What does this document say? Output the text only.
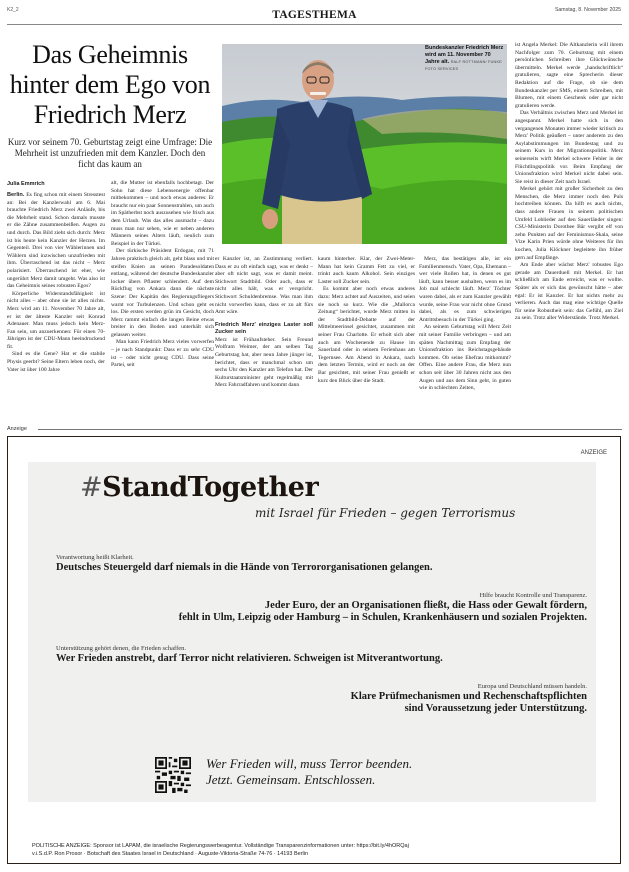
K2_2	TAGESTHEMA	Samstag, 8. November 2025
Das Geheimnis hinter dem Ego von Friedrich Merz
Kurz vor seinem 70. Geburtstag zeigt eine Umfrage: Die Mehrheit ist unzufrieden mit dem Kanzler. Doch den ficht das kaum an
Julia Emmrich
Bundeskanzler Friedrich Merz wird am 11. November 70 Jahre alt. RALF ROTTMANN/ FUNKE FOTO SERVICES

Berlin. Es fing schon mit einem Stresstest an: Bei der Kanzlerwahl am 6. Mai brauchte Friedrich Merz zwei Anläufe, bis die Mehrheit stand. Schon damals musste er die Zähne zusammenbeißen. Augen zu und durch. Das Bild zieht sich durch: Merz ist bis heute kein Kanzler der Herzen. Im Gegenteil. Drei von vier Wählerinnen und Wählern sind inzwischen unzufrieden mit ihm. Überraschend ist das nicht – Merz polarisiert. Überraschend ist eher, wie ungerührt Merz damit umgeht. Was also ist das Geheimnis seines robusten Egos?

Körperliche Widerstandsfähigkeit ist nicht alles – aber ohne sie ist alles nichts. Merz wird am 11. November 70 Jahre alt, er ist der älteste Kanzler seit Konrad Adenauer. Man muss jedoch kein Merz-Fan sein, um anzuerkennen: Für einen 70-Jährigen ist der CDU-Mann beeindruckend fit.

Sind es die Gene? Hat er die stabile Physis geerbt? Seine Eltern leben noch, der Vater ist über 100 Jahre

alt, die Mutter ist ebenfalls hochbetagt. Der Sohn hat diese Lebensenergie offenbar mitbekommen – und noch etwas anderes: Er braucht nur ein paar Sonnenstrahlen, um auch im Spätherbst noch auszusehen wie frisch aus dem Urlaub. Was das alles ausmacht – dazu muss man nur sehen, wie er neben anderen Männern seines Alters läuft, neulich zum Beispiel in der Türkei.

Der türkische Präsident Erdogan, mit 71 Jahren praktisch gleich alt, geht blass und mit steifen Knien an seinen Paradesoldaten entlang, während der deutsche Bundeskanzler locker übers Pflaster schlendert. Auf dem Rückflug von Ankara dann die nächste Szene: Der Kapitän des Regierungsfliegers warnt vor Turbulenzen. Und schon geht es los. Die ersten werden grün im Gesicht, doch Merz rammt einfach die langen Beine etwas breiter in den Boden und unterhält sich gelassen weiter.

Man kann Friedrich Merz vieles vorwerfen – je nach Standpunkt: Dass er zu sehr CDU ist – oder nicht genug CDU. Dass seine Partei, seit

er Kanzler ist, an Zustimmung verliert. Dass er zu oft einfach sagt, was er denkt – aber oft nicht sagt, was er damit meint. Stichwort Stadtbild. Oder auch, dass er nicht alles hält, was er verspricht. Stichwort Schuldenbremse. Was man ihm nicht vorwerfen kann, dass er zu alt fürs Amt wäre.

Friedrich Merz' einziges Laster soll Zucker sein

Merz ist Frühaufsteher. Sein Freund Wolfram Weimer, der am selben Tag Geburtstag hat, aber neun Jahre jünger ist, berichtet, dass er manchmal schon um sechs Uhr den Kanzler am Telefon hat. Der Kulturstaatsminister geht regelmäßig mit Merz Fahrradfahren und kommt dann

kaum hinterher. Klar, der Zwei-Meter-Mann hat kein Gramm Fett zu viel, er trinkt auch kaum Alkohol. Sein einziges Laster soll Zucker sein.

Es kommt aber noch etwas anderes dazu: Merz achtet auf Auszeiten, und seien sie noch so kurz. Wie die „Mallorca Zeitung“ berichtet, wurde Merz mitten in der Stadtbild-Debatte auf der Mittelmeerinsel gesichtet, zusammen mit seiner Frau Charlotte. Er erholt sich aber auch am Wochenende zu Hause im Sauerland oder in seinem Ferienhaus am Tegernsee. Am Abend in Ankara, nach dem letzten Termin, wird er noch an der Bar gesichtet, mit seiner Frau genießt er kurz den Blick über die Stadt.

Merz, das bestätigen alle, ist ein Familienmensch. Vater, Opa, Ehemann – wer viele Rollen hat, in denen es gut läuft, kann besser aushalten, wenn es im Job mal schlecht läuft. Merz' Töchter waren dabei, als er zum Kanzler gewählt wurde, seine Frau war nicht ohne Grund dabei, als es zum schwierigen Antrittsbesuch in der Türkei ging.

An seinem Geburtstag will Merz Zeit mit seiner Familie verbringen – und am späten Nachmittag zum Empfang der Unionsfraktion ins Reichstagsgebäude kommen. Ob seine Ehefrau mitkommt? Offen. Eine andere Frau, die Merz nun schon seit über 30 Jahren nicht aus den Augen und aus dem Sinn geht, in guten wie in schlechten Zeiten,

ist Angela Merkel: Die Altkanzlerin will ihrem Nachfolger zum 70. Geburtstag mit einem persönlichen Schreiben ihre Glückwünsche übermitteln. Merkel werde „handschriftlich“ gratulieren, sagte eine Sprecherin dieser Redaktion auf die Frage, ob sie dem Bundeskanzler per SMS, einem Schreiben, mit Blumen, mit einem Geschenk oder gar nicht gratulieren werde.

Das Verhältnis zwischen Merz und Merkel ist angespannt. Merkel hatte sich in den vergangenen Monaten immer wieder kritisch zu Merz' Politik geäußert – unter anderem zu den Asylabstimmungen im Bundestag und zu seinem Kurs in der Migrationspolitik. Merz seinerseits wirft Merkel schwere Fehler in der Flüchtlingspolitik vor. Beim Empfang der Unionsfraktion wird Merkel nicht dabei sein. Sie reist in dieser Zeit nach Israel.

Merkel gehört mit großer Sicherheit zu den Menschen, die Merz immer noch den Puls hochtreiben können. Da hilft es auch nichts, dass andere Frauen in seinem politischen Umfeld Loblieder auf den Sauerländer singen: CSU-Ministerin Dorothee Bär vergibt elf von zehn Punkten auf der Feminismus-Skala, seine Vize Karin Prien würde ohne Weiteres für ihn kochen, Julia Klöckner begleitete ihn früher gern auf Empfänge.

Am Ende aber wächst Merz' robustes Ego gerade am Dauerduell mit Merkel. Er hat schließlich am Ende erreicht, was er wollte. Später als er sich das gewünscht hätte – aber egal: Er ist Kanzler. Er hat nichts mehr zu verlieren. Auch das mag eine wichtige Quelle für seine Robustheit sein: das Gefühl, am Ziel zu sein. Trotz aller Widerstände. Trotz Merkel.

Anzeige
ANZEIGE
#StandTogether
mit Israel für Frieden – gegen Terrorismus
Verantwortung heißt Klarheit.
Deutsches Steuergeld darf niemals in die Hände von Terrororganisationen gelangen.
Hilfe braucht Kontrolle und Transparenz.
Jeder Euro, der an Organisationen fließt, die Hass oder Gewalt fördern,
fehlt in Ulm, Leipzig oder Hamburg – in Schulen, Krankenhäusern und sozialen Projekten.
Unterstützung gehört denen, die Frieden schaffen.
Wer Frieden anstrebt, darf Terror nicht relativieren. Schweigen ist Mitverantwortung.
Europa und Deutschland müssen handeln.
Klare Prüfmechanismen und Rechenschaftspflichten
sind Voraussetzung jeder Unterstützung.
Wer Frieden will, muss Terror beenden.
Jetzt. Gemeinsam. Entschlossen.
POLITISCHE ANZEIGE: Sponsor ist LAPAM, die israelische Regierungswerbeagentur. Vollständige Transparenzinformationen unter: https://bit.ly/4hORQaj
v.i.S.d.P. Ron Prosor · Botschaft des Staates Israel in Deutschland · Auguste-Viktoria-Straße 74-76 · 14193 Berlin
